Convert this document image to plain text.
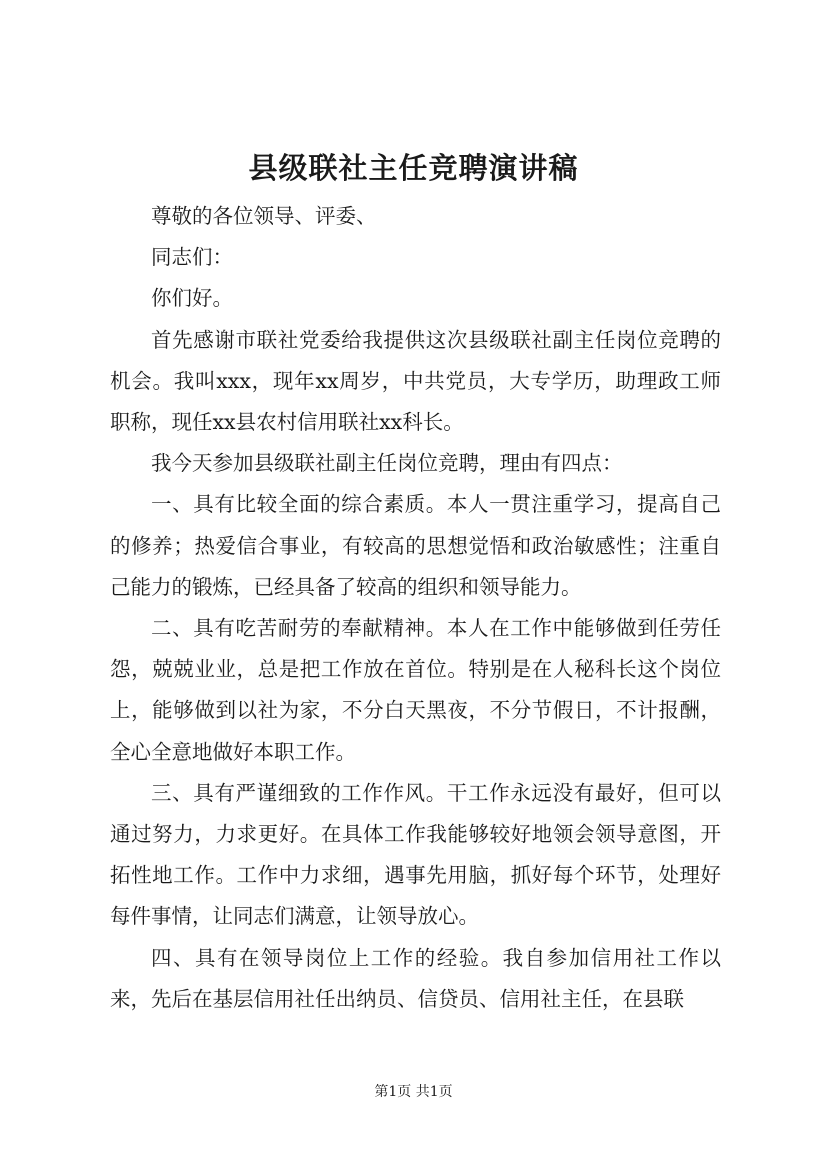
县级联社主任竞聘演讲稿

尊敬的各位领导、评委、

同志们：

你们好。

首先感谢市联社党委给我提供这次县级联社副主任岗位竞聘的机会。我叫xxx，现年xx周岁，中共党员，大专学历，助理政工师职称，现任xx县农村信用联社xx科长。

我今天参加县级联社副主任岗位竞聘，理由有四点：

一、具有比较全面的综合素质。本人一贯注重学习，提高自己的修养；热爱信合事业，有较高的思想觉悟和政治敏感性；注重自己能力的锻炼，已经具备了较高的组织和领导能力。

二、具有吃苦耐劳的奉献精神。本人在工作中能够做到任劳任怨，兢兢业业，总是把工作放在首位。特别是在人秘科长这个岗位上，能够做到以社为家，不分白天黑夜，不分节假日，不计报酬，全心全意地做好本职工作。

三、具有严谨细致的工作作风。干工作永远没有最好，但可以通过努力，力求更好。在具体工作我能够较好地领会领导意图，开拓性地工作。工作中力求细，遇事先用脑，抓好每个环节，处理好每件事情，让同志们满意，让领导放心。

四、具有在领导岗位上工作的经验。我自参加信用社工作以来，先后在基层信用社任出纳员、信贷员、信用社主任，在县联

第1页 共1页
